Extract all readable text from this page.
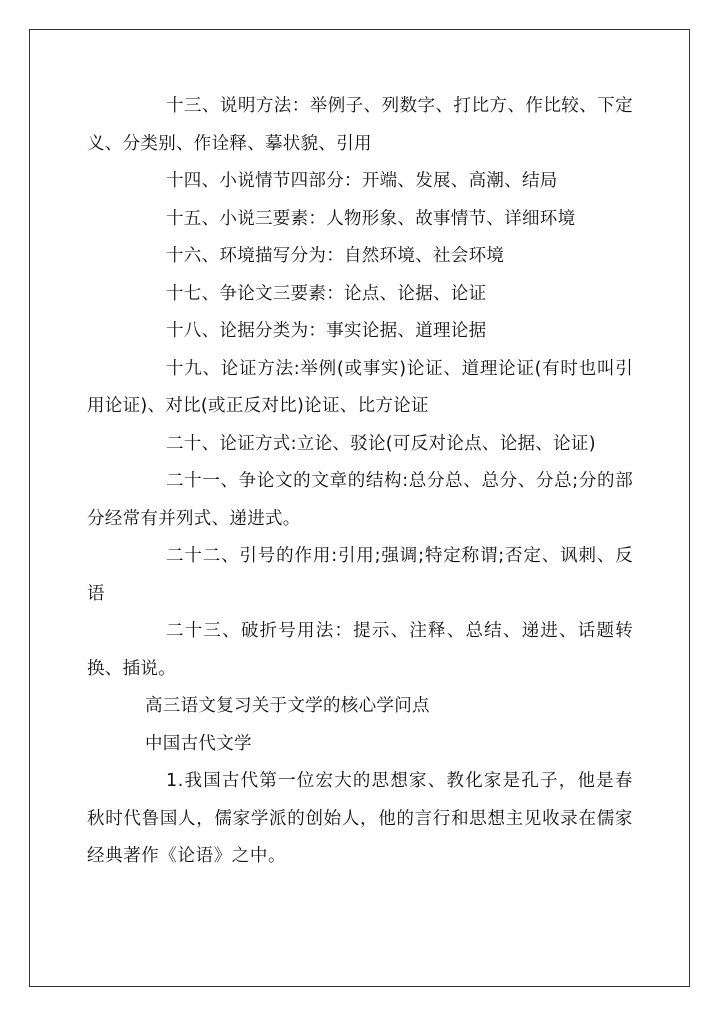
十三、说明方法：举例子、列数字、打比方、作比较、下定义、分类别、作诠释、摹状貌、引用

十四、小说情节四部分：开端、发展、高潮、结局

十五、小说三要素：人物形象、故事情节、详细环境

十六、环境描写分为：自然环境、社会环境

十七、争论文三要素：论点、论据、论证

十八、论据分类为：事实论据、道理论据

十九、论证方法:举例(或事实)论证、道理论证(有时也叫引用论证)、对比(或正反对比)论证、比方论证

二十、论证方式:立论、驳论(可反对论点、论据、论证)

二十一、争论文的文章的结构:总分总、总分、分总;分的部分经常有并列式、递进式。

二十二、引号的作用:引用;强调;特定称谓;否定、讽刺、反语

二十三、破折号用法：提示、注释、总结、递进、话题转换、插说。

高三语文复习关于文学的核心学问点

中国古代文学

1.我国古代第一位宏大的思想家、教化家是孔子，他是春秋时代鲁国人，儒家学派的创始人，他的言行和思想主见收录在儒家经典著作《论语》之中。
